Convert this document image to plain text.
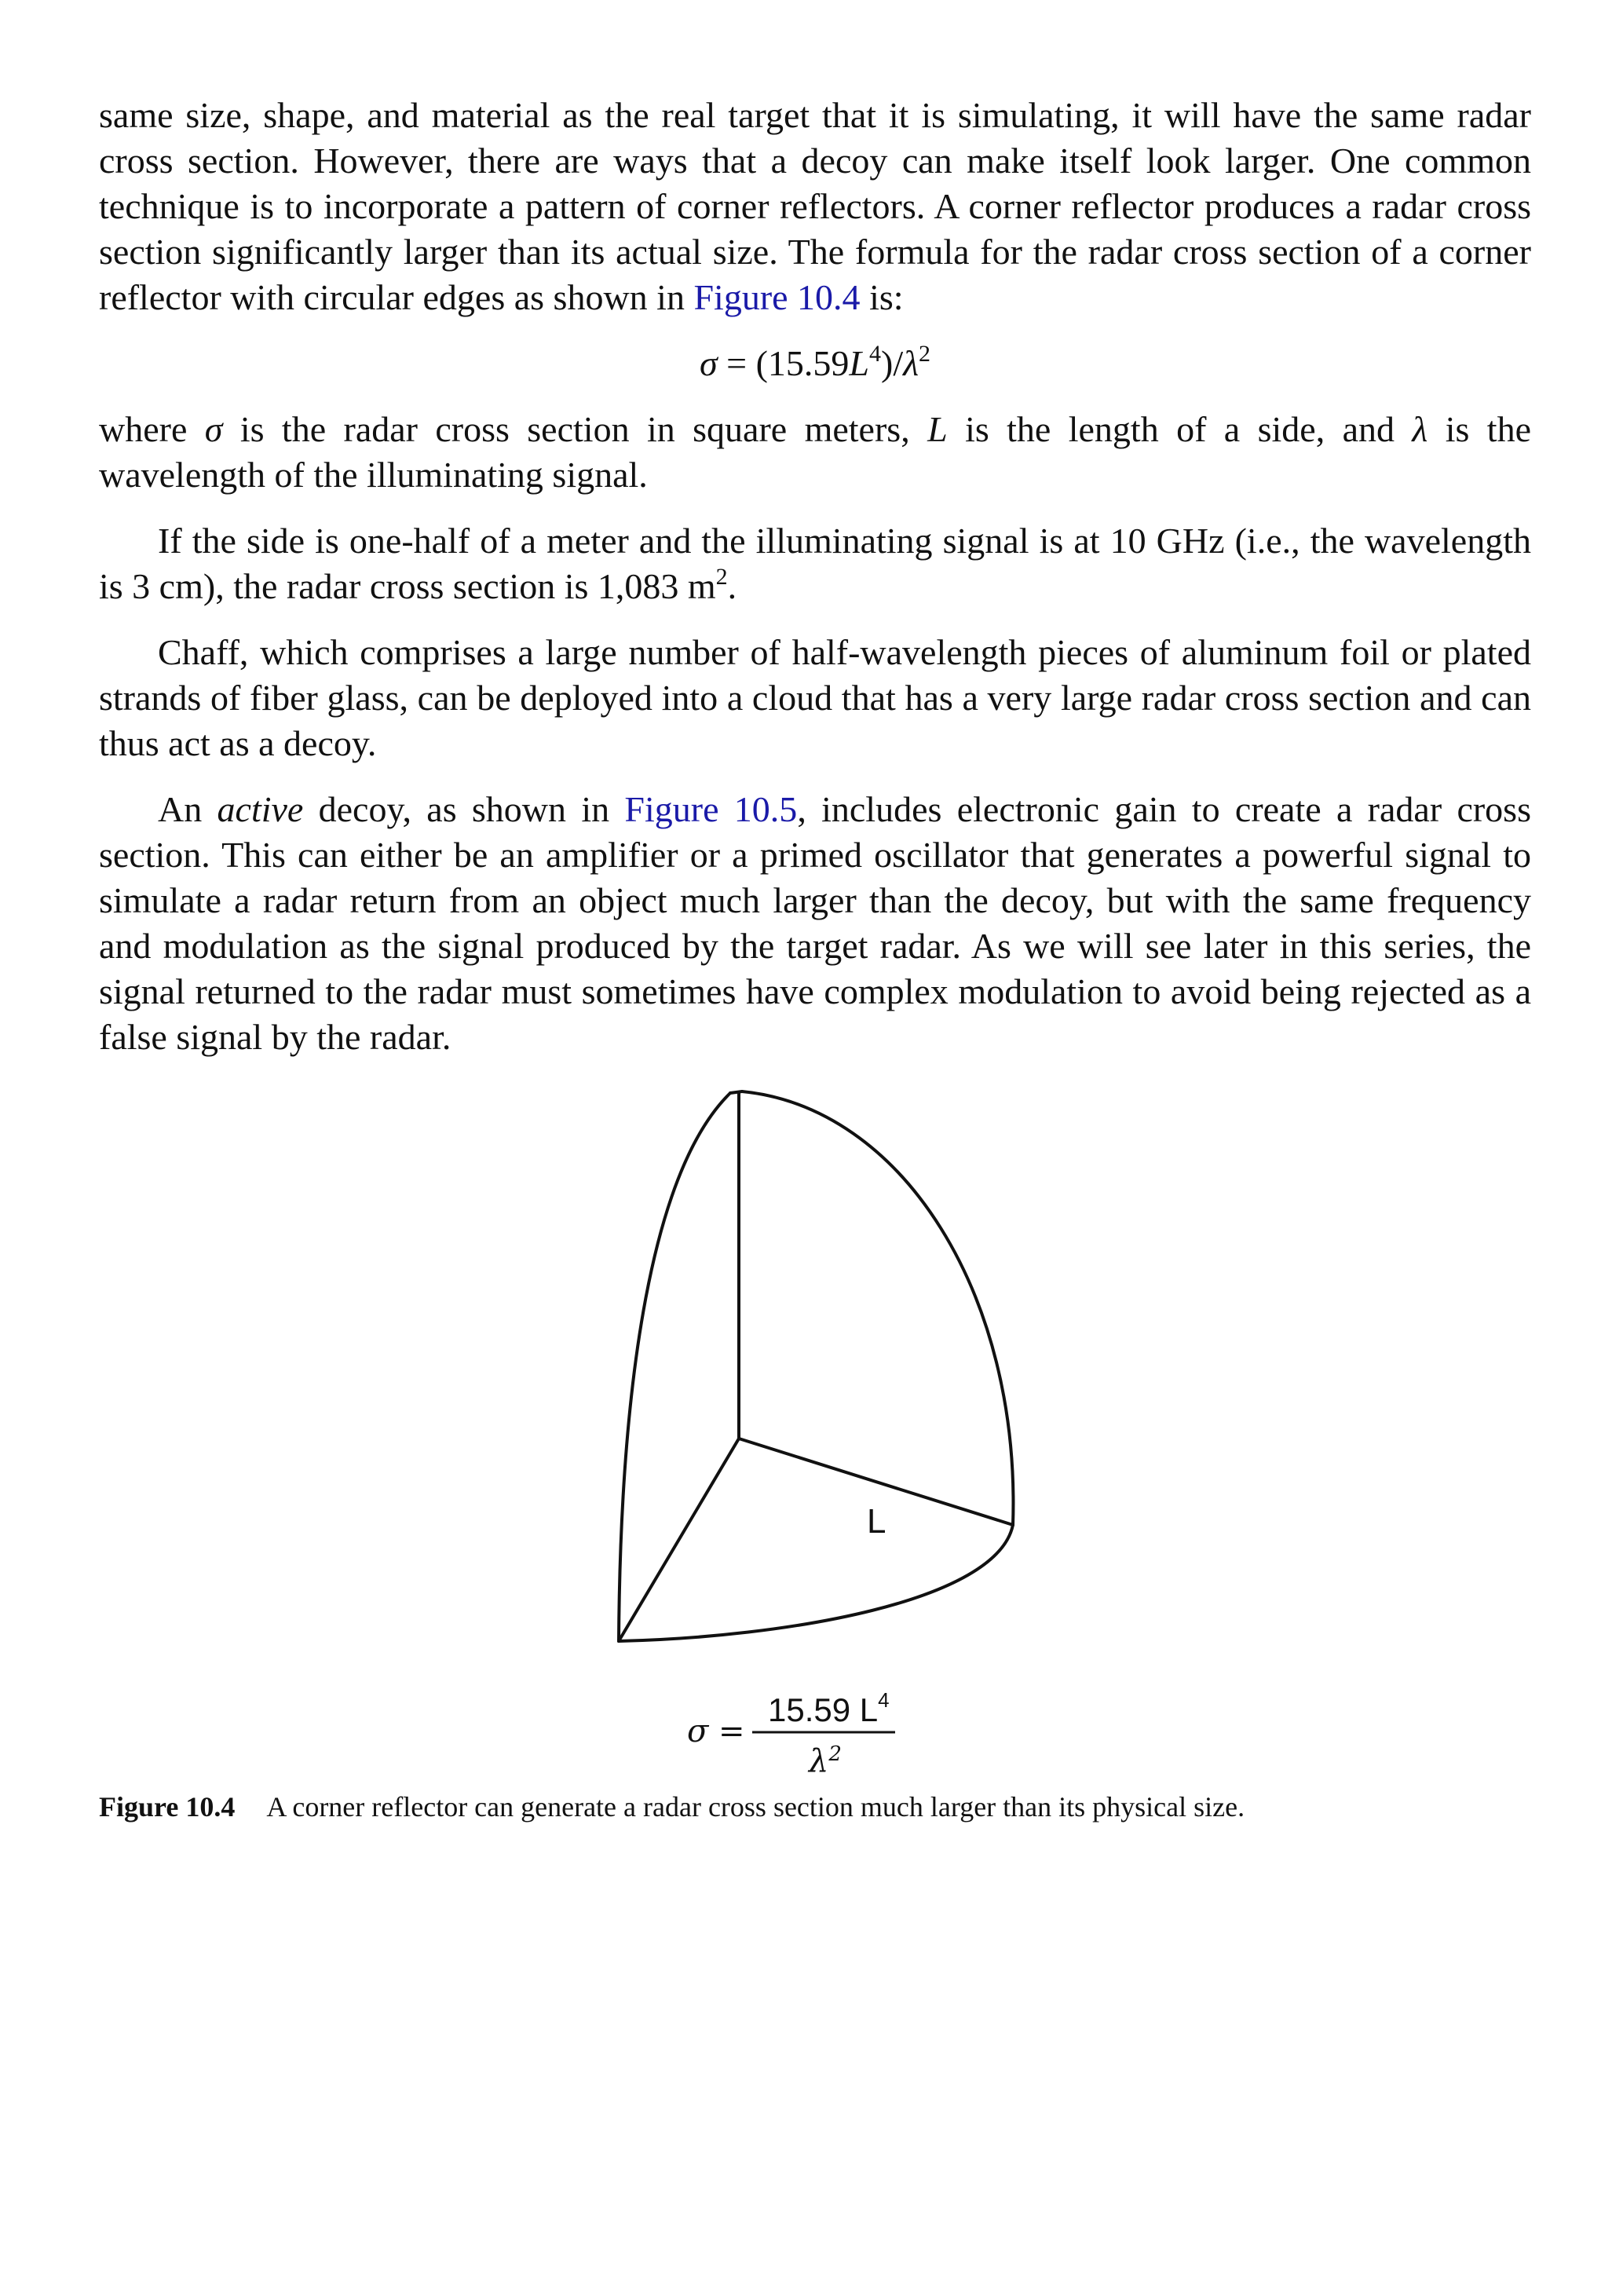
same size, shape, and material as the real target that it is simulating, it will have the same radar cross section. However, there are ways that a decoy can make itself look larger. One common technique is to incorporate a pattern of corner reflectors. A corner reflector produces a radar cross section significantly larger than its actual size. The formula for the radar cross section of a corner reflector with circular edges as shown in Figure 10.4 is:

$\sigma = (15.59L^4)/\lambda^2$

where σ is the radar cross section in square meters, L is the length of a side, and λ is the wavelength of the illuminating signal.

If the side is one-half of a meter and the illuminating signal is at 10 GHz (i.e., the wavelength is 3 cm), the radar cross section is 1,083 $m^2$.

Chaff, which comprises a large number of half-wavelength pieces of aluminum foil or plated strands of fiber glass, can be deployed into a cloud that has a very large radar cross section and can thus act as a decoy.

An active decoy, as shown in Figure 10.5, includes electronic gain to create a radar cross section. This can either be an amplifier or a primed oscillator that generates a powerful signal to simulate a radar return from an object much larger than the decoy, but with the same frequency and modulation as the signal produced by the target radar. As we will see later in this series, the signal returned to the radar must sometimes have complex modulation to avoid being rejected as a false signal by the radar.

L
σ =
15.59 $L^4$
$\lambda^2$
Figure 10.4 A corner reflector can generate a radar cross section much larger than its physical size.
